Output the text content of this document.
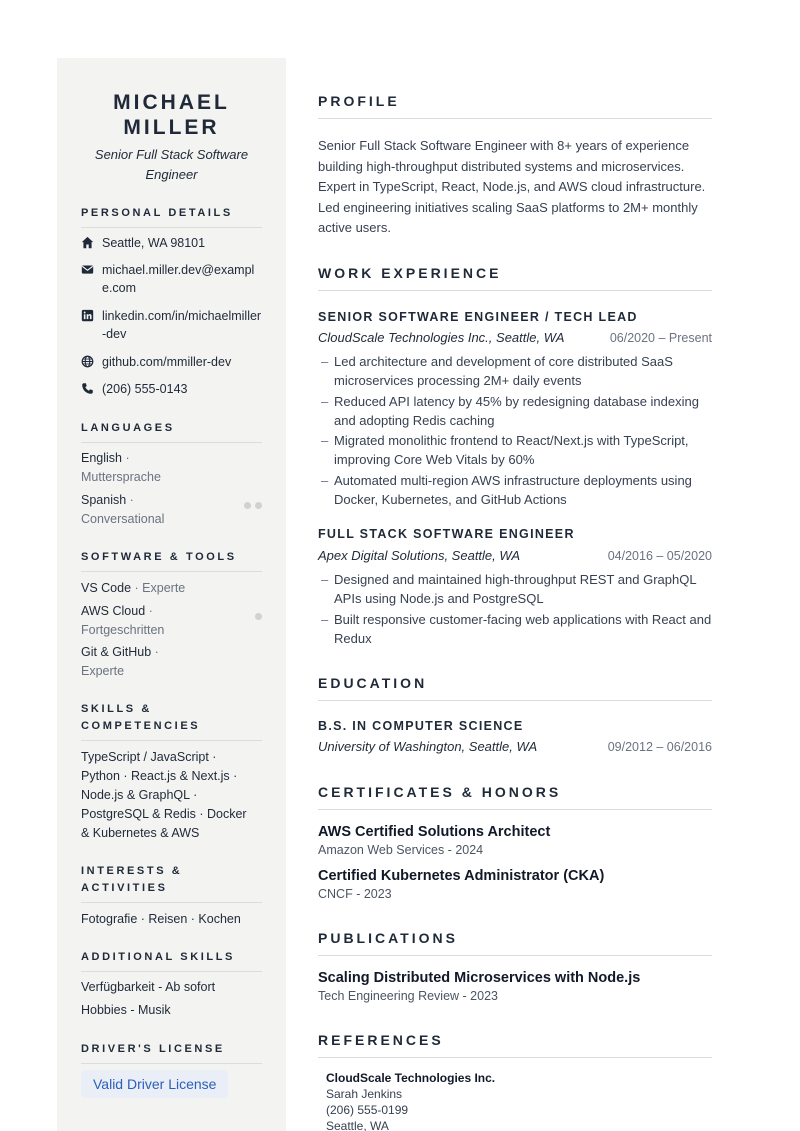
MICHAEL
MILLER
Senior Full Stack Software Engineer
PERSONAL DETAILS
Seattle, WA 98101
michael.miller.dev@example.com
linkedin.com/in/michaelmiller-dev
github.com/mmiller-dev
(206) 555-0143
LANGUAGES
English ·
Muttersprache
Spanish ·
Conversational
SOFTWARE & TOOLS
VS Code · Experte
AWS Cloud ·
Fortgeschritten
Git & GitHub ·
Experte
SKILLS &
COMPETENCIES
TypeScript / JavaScript ·
Python · React.js & Next.js ·
Node.js & GraphQL ·
PostgreSQL & Redis · Docker
& Kubernetes & AWS
INTERESTS &
ACTIVITIES
Fotografie · Reisen · Kochen
ADDITIONAL SKILLS
Verfügbarkeit - Ab sofort
Hobbies - Musik
DRIVER'S LICENSE
Valid Driver License
PROFILE
Senior Full Stack Software Engineer with 8+ years of experience building high-throughput distributed systems and microservices. Expert in TypeScript, React, Node.js, and AWS cloud infrastructure. Led engineering initiatives scaling SaaS platforms to 2M+ monthly active users.
WORK EXPERIENCE
SENIOR SOFTWARE ENGINEER / TECH LEAD
CloudScale Technologies Inc., Seattle, WA	06/2020 – Present
– Led architecture and development of core distributed SaaS microservices processing 2M+ daily events
– Reduced API latency by 45% by redesigning database indexing and adopting Redis caching
– Migrated monolithic frontend to React/Next.js with TypeScript, improving Core Web Vitals by 60%
– Automated multi-region AWS infrastructure deployments using Docker, Kubernetes, and GitHub Actions
FULL STACK SOFTWARE ENGINEER
Apex Digital Solutions, Seattle, WA	04/2016 – 05/2020
– Designed and maintained high-throughput REST and GraphQL APIs using Node.js and PostgreSQL
– Built responsive customer-facing web applications with React and Redux
EDUCATION
B.S. IN COMPUTER SCIENCE
University of Washington, Seattle, WA	09/2012 – 06/2016
CERTIFICATES & HONORS
AWS Certified Solutions Architect
Amazon Web Services - 2024
Certified Kubernetes Administrator (CKA)
CNCF - 2023
PUBLICATIONS
Scaling Distributed Microservices with Node.js
Tech Engineering Review - 2023
REFERENCES
CloudScale Technologies Inc.
Sarah Jenkins
(206) 555-0199
Seattle, WA
